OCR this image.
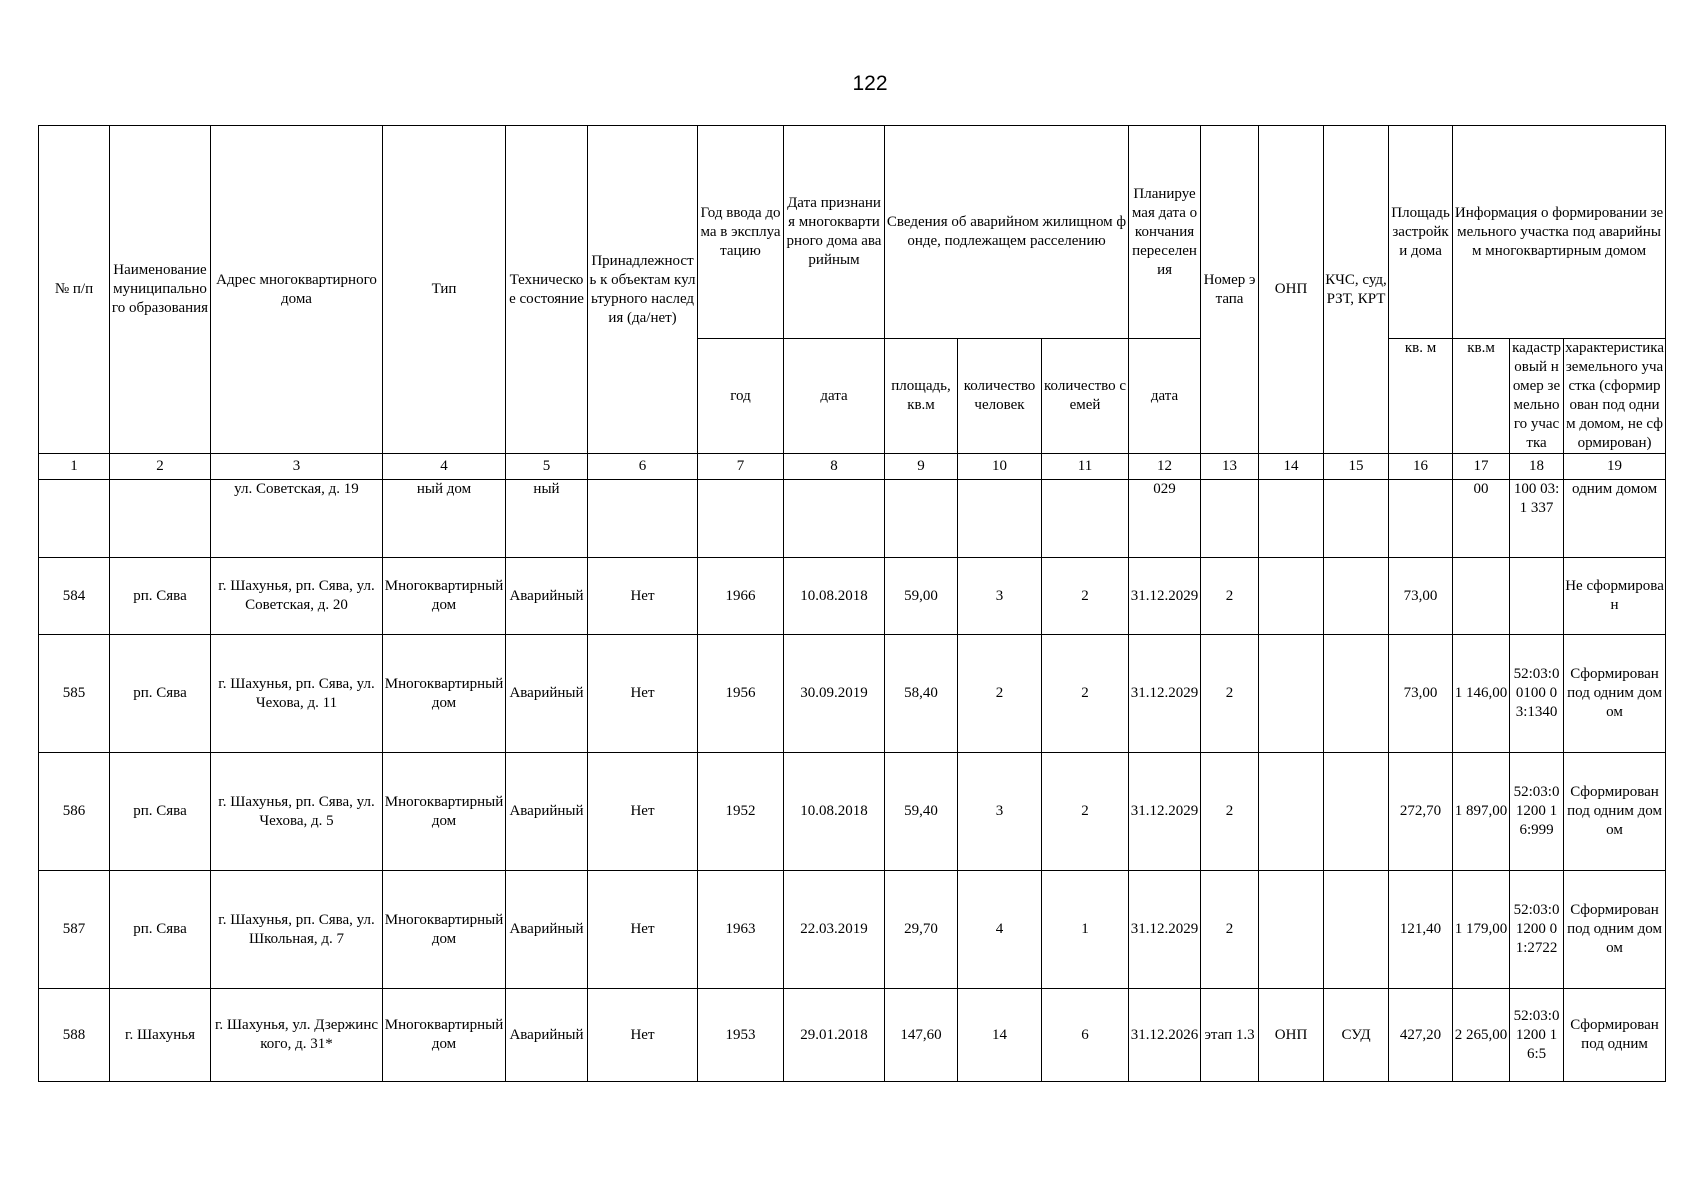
122
№ п/п	Наименование муниципального образования	Адрес многоквартирного дома	Тип	Техническое состояние	Принадлежность к объектам культурного наследия (да/нет)	Год ввода дома в эксплуатацию	Дата признания многоквартирного дома аварийным	Сведения об аварийном жилищном фонде, подлежащем расселению			Планируемая дата окончания переселения	Номер этапа	ОНП	КЧС, суд, РЗТ, КРТ	Площадь застройки дома	Информация о формировании земельного участка под аварийным многоквартирным домом		
						год	дата	площадь, кв.м	количество человек	количество семей	дата				кв. м	кв.м	кадастровый номер земельного участка	характеристика земельного участка (сформирован под одним домом, не сформирован)
1	2	3	4	5	6	7	8	9	10	11	12	13	14	15	16	17	18	19
		ул. Советская, д. 19	ный дом	ный							029					00	100 03:1 337	одним домом
584	рп. Сява	г. Шахунья, рп. Сява, ул. Советская, д. 20	Многоквартирный дом	Аварийный	Нет	1966	10.08.2018	59,00	3	2	31.12.2029	2			73,00			Не сформирован
585	рп. Сява	г. Шахунья, рп. Сява, ул. Чехова, д. 11	Многоквартирный дом	Аварийный	Нет	1956	30.09.2019	58,40	2	2	31.12.2029	2			73,00	1 146,00	52:03:00100 03:1340	Сформирован под одним домом
586	рп. Сява	г. Шахунья, рп. Сява, ул. Чехова, д. 5	Многоквартирный дом	Аварийный	Нет	1952	10.08.2018	59,40	3	2	31.12.2029	2			272,70	1 897,00	52:03:01200 16:999	Сформирован под одним домом
587	рп. Сява	г. Шахунья, рп. Сява, ул. Школьная, д. 7	Многоквартирный дом	Аварийный	Нет	1963	22.03.2019	29,70	4	1	31.12.2029	2			121,40	1 179,00	52:03:01200 01:2722	Сформирован под одним домом
588	г. Шахунья	г. Шахунья, ул. Дзержинского, д. 31*	Многоквартирный дом	Аварийный	Нет	1953	29.01.2018	147,60	14	6	31.12.2026	этап 1.3	ОНП	СУД	427,20	2 265,00	52:03:01200 16:5	Сформирован под одним
